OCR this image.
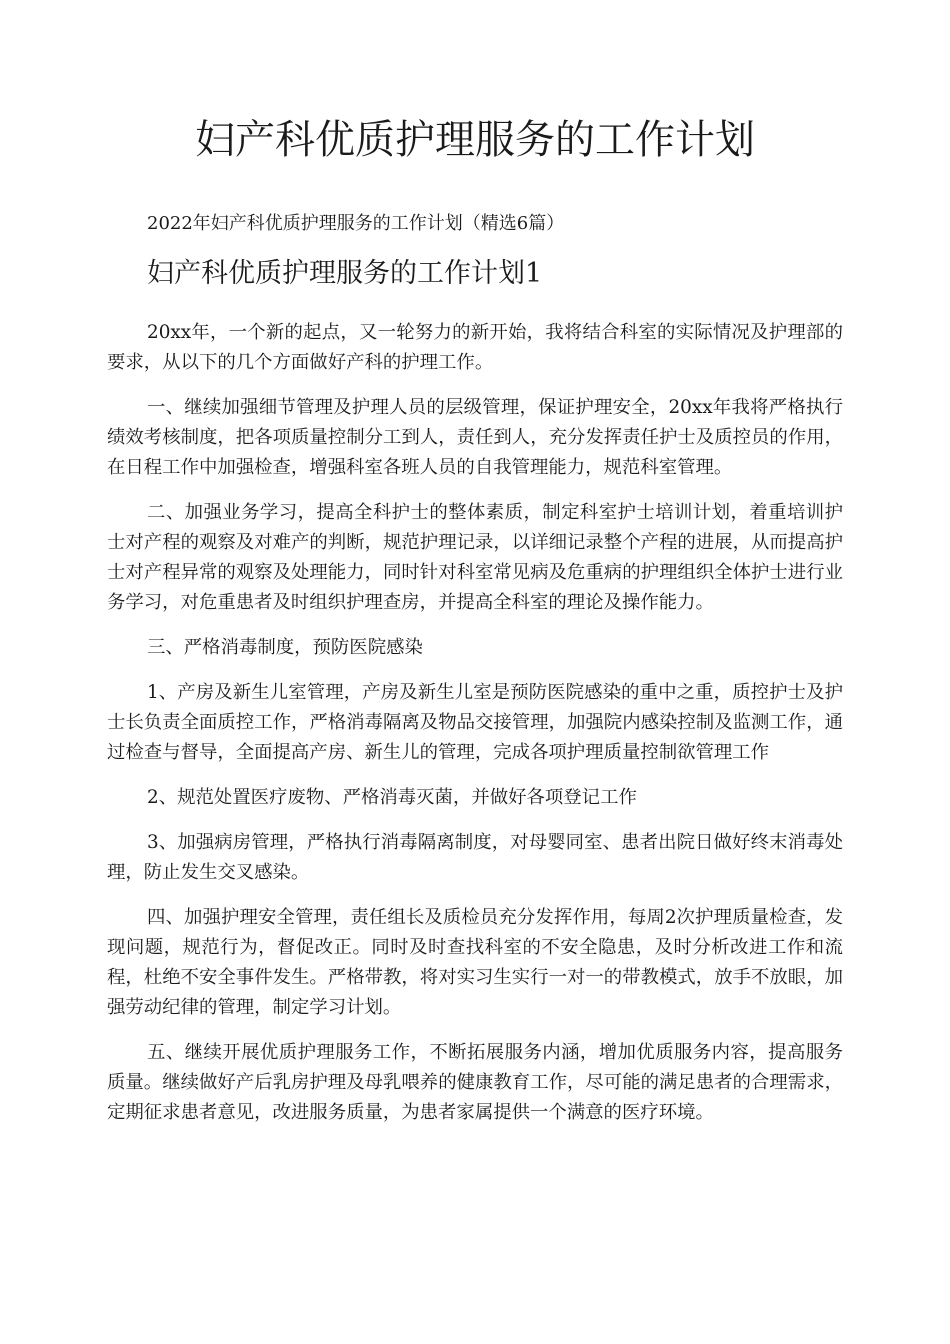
妇产科优质护理服务的工作计划

2022年妇产科优质护理服务的工作计划（精选6篇）

妇产科优质护理服务的工作计划1

20xx年，一个新的起点，又一轮努力的新开始，我将结合科室的实际情况及护理部的要求，从以下的几个方面做好产科的护理工作。

一、继续加强细节管理及护理人员的层级管理，保证护理安全，20xx年我将严格执行绩效考核制度，把各项质量控制分工到人，责任到人，充分发挥责任护士及质控员的作用，在日程工作中加强检查，增强科室各班人员的自我管理能力，规范科室管理。

二、加强业务学习，提高全科护士的整体素质，制定科室护士培训计划，着重培训护士对产程的观察及对难产的判断，规范护理记录，以详细记录整个产程的进展，从而提高护士对产程异常的观察及处理能力，同时针对科室常见病及危重病的护理组织全体护士进行业务学习，对危重患者及时组织护理查房，并提高全科室的理论及操作能力。

三、严格消毒制度，预防医院感染

1、产房及新生儿室管理，产房及新生儿室是预防医院感染的重中之重，质控护士及护士长负责全面质控工作，严格消毒隔离及物品交接管理，加强院内感染控制及监测工作，通过检查与督导，全面提高产房、新生儿的管理，完成各项护理质量控制欲管理工作

2、规范处置医疗废物、严格消毒灭菌，并做好各项登记工作

3、加强病房管理，严格执行消毒隔离制度，对母婴同室、患者出院日做好终末消毒处理，防止发生交叉感染。

四、加强护理安全管理，责任组长及质检员充分发挥作用，每周2次护理质量检查，发现问题，规范行为，督促改正。同时及时查找科室的不安全隐患，及时分析改进工作和流程，杜绝不安全事件发生。严格带教，将对实习生实行一对一的带教模式，放手不放眼，加强劳动纪律的管理，制定学习计划。

五、继续开展优质护理服务工作，不断拓展服务内涵，增加优质服务内容，提高服务质量。继续做好产后乳房护理及母乳喂养的健康教育工作，尽可能的满足患者的合理需求，定期征求患者意见，改进服务质量，为患者家属提供一个满意的医疗环境。
